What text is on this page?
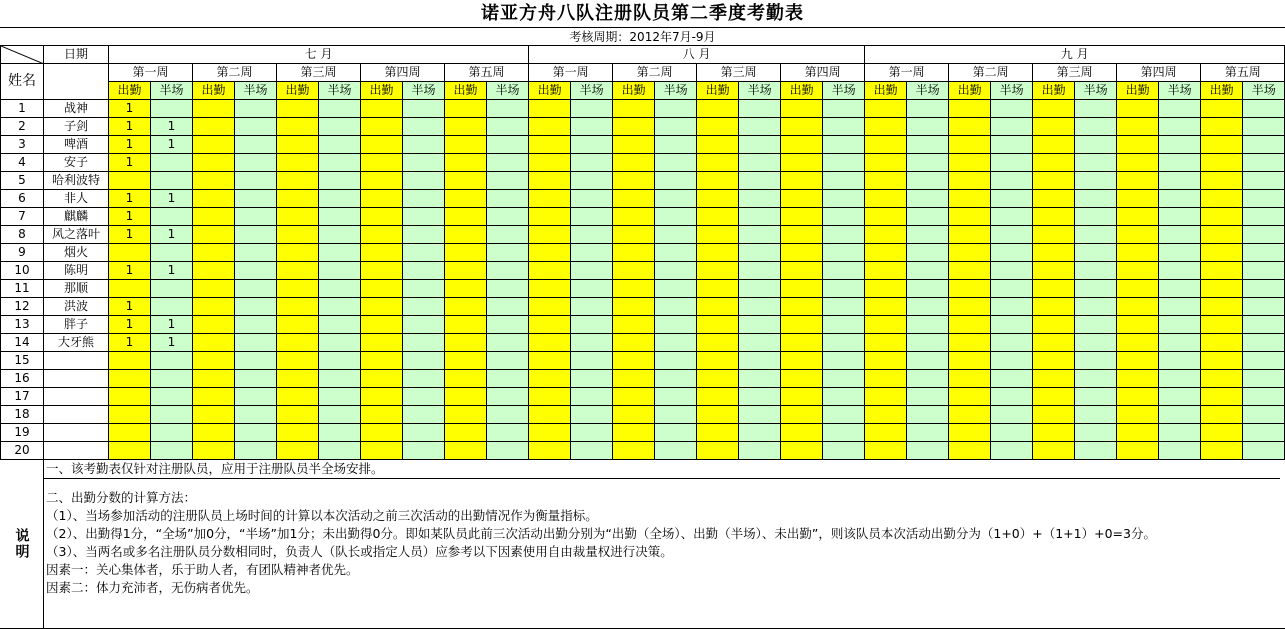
诺亚方舟八队注册队员第二季度考勤表
考核周期：2012年7月-9月
	日期	七 月										八 月								九 月									
姓名		第一周		第二周		第三周		第四周		第五周		第一周		第二周		第三周		第四周		第一周		第二周		第三周		第四周		第五周	
		出勤	半场	出勤	半场	出勤	半场	出勤	半场	出勤	半场	出勤	半场	出勤	半场	出勤	半场	出勤	半场	出勤	半场	出勤	半场	出勤	半场	出勤	半场	出勤	半场
1	战神	1																											
2	子剑	1	1																										
3	啤酒	1	1																										
4	安子	1																											
5	哈利波特																												
6	非人	1	1																										
7	麒麟	1																											
8	风之落叶	1	1																										
9	烟火																												
10	陈明	1	1																										
11	那顺																												
12	洪波	1																											
13	胖子	1	1																										
14	大牙熊	1	1																										
15																													
16																													
17																													
18																													
19																													
20																													
说明
一、该考勤表仅针对注册队员，应用于注册队员半全场安排。
二、出勤分数的计算方法：
（1）、当场参加活动的注册队员上场时间的计算以本次活动之前三次活动的出勤情况作为衡量指标。
（2）、出勤得1分，“全场”加0分，“半场”加1分；未出勤得0分。即如某队员此前三次活动出勤分别为“出勤（全场）、出勤（半场）、未出勤”，则该队员本次活动出勤分为（1+0）+（1+1）+0=3分。
（3）、当两名或多名注册队员分数相同时，负责人（队长或指定人员）应参考以下因素使用自由裁量权进行决策。
因素一：关心集体者，乐于助人者，有团队精神者优先。
因素二：体力充沛者，无伤病者优先。
